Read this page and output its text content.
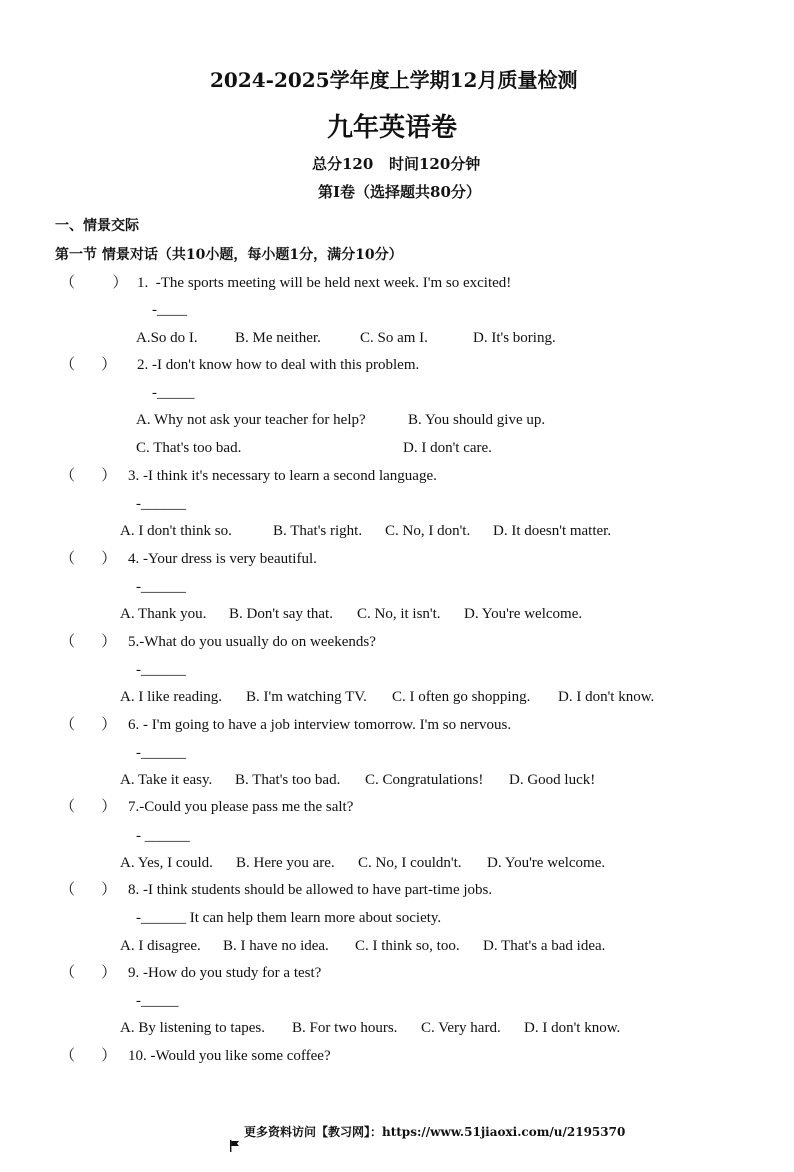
2024-2025学年度上学期12月质量检测
九年英语卷
总分120   时间120分钟
第Ⅰ卷（选择题共80分）
一、情景交际
第一节 情景对话（共10小题，每小题1分，满分10分）
（          ） 1.  -The sports meeting will be held next week. I'm so excited!
-____
A.So do I. B. Me neither.	C. So am I.	D. It's boring.
（       ） 2. -I don't know how to deal with this problem.
-_____
A. Why not ask your teacher for help?	B. You should give up.
C. That's too bad.	D. I don't care.
（       ） 3. -I think it's necessary to learn a second language.
-______
A. I don't think so.	B. That's right. C. No, I don't. D. It doesn't matter.
（       ） 4. -Your dress is very beautiful.
-______
A. Thank you. B. Don't say that. C. No, it isn't. D. You're welcome.
（       ） 5.-What do you usually do on weekends?
-______
A. I like reading. B. I'm watching TV. C. I often go shopping. D. I don't know.
（       ） 6. - I'm going to have a job interview tomorrow. I'm so nervous.
-______
A. Take it easy. B. That's too bad. C. Congratulations! D. Good luck!
（       ） 7.-Could you please pass me the salt?
- ______
A. Yes, I could. B. Here you are. C. No, I couldn't. D. You're welcome.
（       ） 8. -I think students should be allowed to have part-time jobs.
-______ It can help them learn more about society.
A. I disagree. B. I have no idea. C. I think so, too. D. That's a bad idea.
（       ） 9. -How do you study for a test?
-_____
A. By listening to tapes. B. For two hours. C. Very hard. D. I don't know.
（       ） 10. -Would you like some coffee?

更多资料访问【教习网】：https://www.51jiaoxi.com/u/2195370
